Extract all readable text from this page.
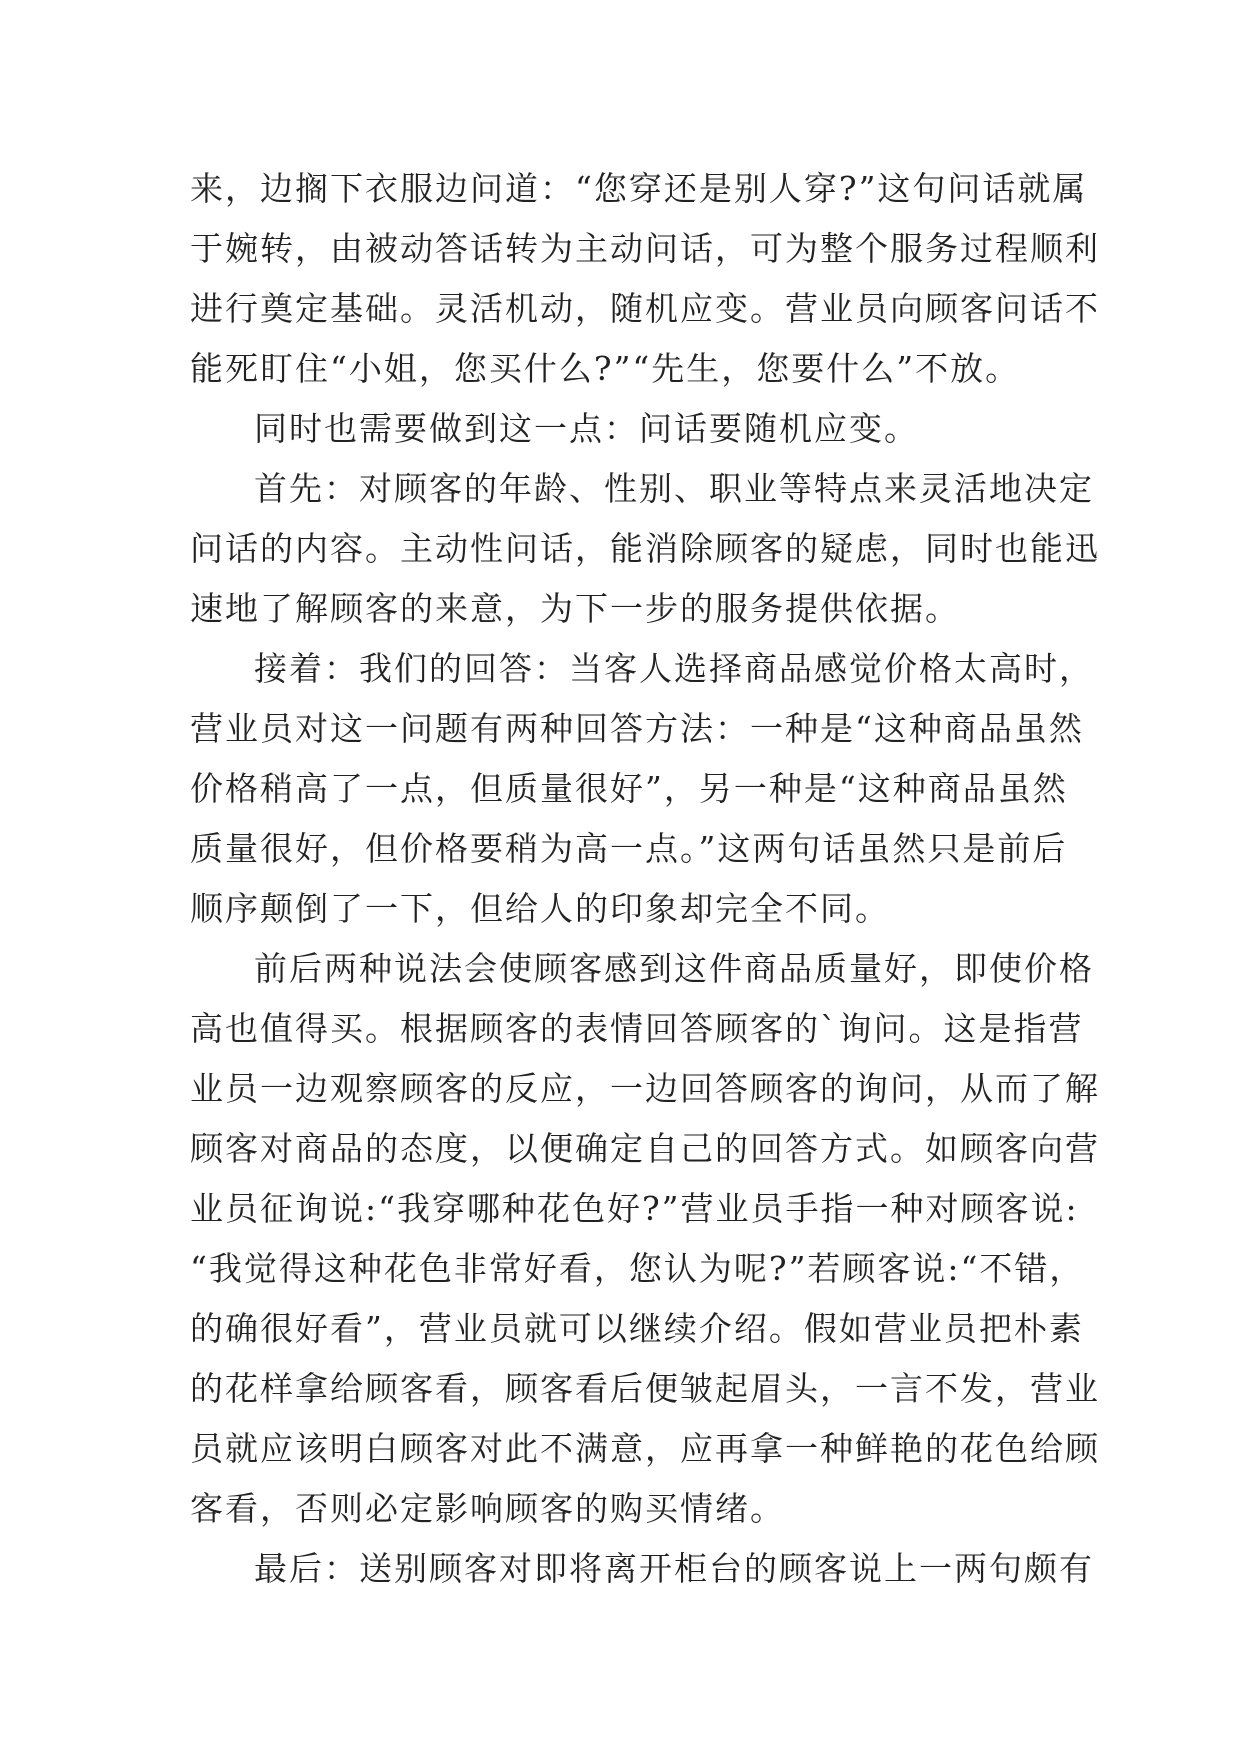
来，边搁下衣服边问道：“您穿还是别人穿?”这句问话就属
于婉转，由被动答话转为主动问话，可为整个服务过程顺利
进行奠定基础。灵活机动，随机应变。营业员向顾客问话不
能死盯住“小姐，您买什么?”“先生，您要什么”不放。
同时也需要做到这一点：问话要随机应变。
首先：对顾客的年龄、性别、职业等特点来灵活地决定
问话的内容。主动性问话，能消除顾客的疑虑，同时也能迅
速地了解顾客的来意，为下一步的服务提供依据。
接着：我们的回答：当客人选择商品感觉价格太高时，
营业员对这一问题有两种回答方法：一种是“这种商品虽然
价格稍高了一点，但质量很好”，另一种是“这种商品虽然
质量很好，但价格要稍为高一点。”这两句话虽然只是前后
顺序颠倒了一下，但给人的印象却完全不同。
前后两种说法会使顾客感到这件商品质量好，即使价格
高也值得买。根据顾客的表情回答顾客的`询问。这是指营
业员一边观察顾客的反应，一边回答顾客的询问，从而了解
顾客对商品的态度，以便确定自己的回答方式。如顾客向营
业员征询说:“我穿哪种花色好?”营业员手指一种对顾客说:
“我觉得这种花色非常好看，您认为呢?”若顾客说:“不错，
的确很好看”，营业员就可以继续介绍。假如营业员把朴素
的花样拿给顾客看，顾客看后便皱起眉头，一言不发，营业
员就应该明白顾客对此不满意，应再拿一种鲜艳的花色给顾
客看，否则必定影响顾客的购买情绪。
最后：送别顾客对即将离开柜台的顾客说上一两句颇有
